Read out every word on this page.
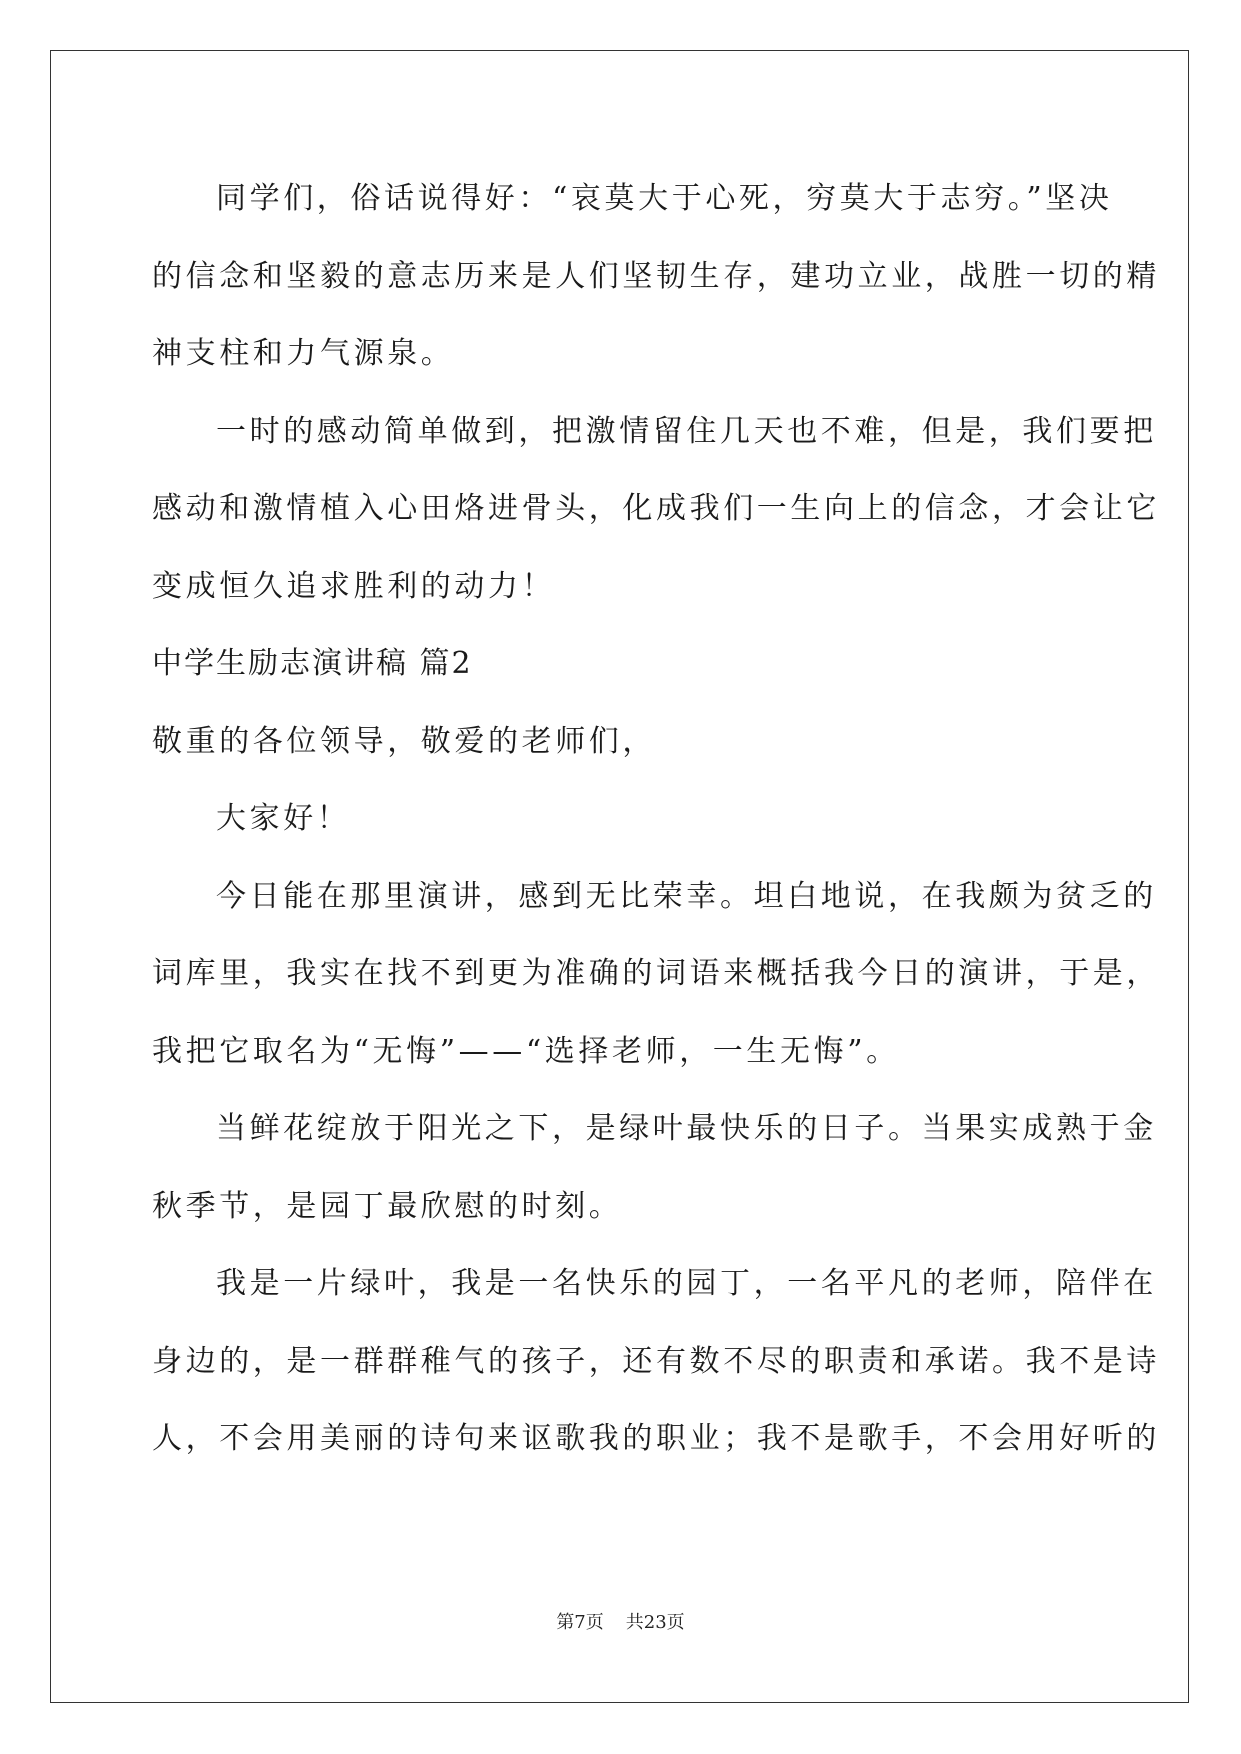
同学们，俗话说得好：“哀莫大于心死，穷莫大于志穷。”坚决
的信念和坚毅的意志历来是人们坚韧生存，建功立业，战胜一切的精
神支柱和力气源泉。
一时的感动简单做到，把激情留住几天也不难，但是，我们要把
感动和激情植入心田烙进骨头，化成我们一生向上的信念，才会让它
变成恒久追求胜利的动力！
中学生励志演讲稿 篇2
敬重的各位领导，敬爱的老师们，
大家好！
今日能在那里演讲，感到无比荣幸。坦白地说，在我颇为贫乏的
词库里，我实在找不到更为准确的词语来概括我今日的演讲，于是，
我把它取名为“无悔”——“选择老师，一生无悔”。
当鲜花绽放于阳光之下，是绿叶最快乐的日子。当果实成熟于金
秋季节，是园丁最欣慰的时刻。
我是一片绿叶，我是一名快乐的园丁，一名平凡的老师，陪伴在
身边的，是一群群稚气的孩子，还有数不尽的职责和承诺。我不是诗
人，不会用美丽的诗句来讴歌我的职业；我不是歌手，不会用好听的
第7页 共23页
